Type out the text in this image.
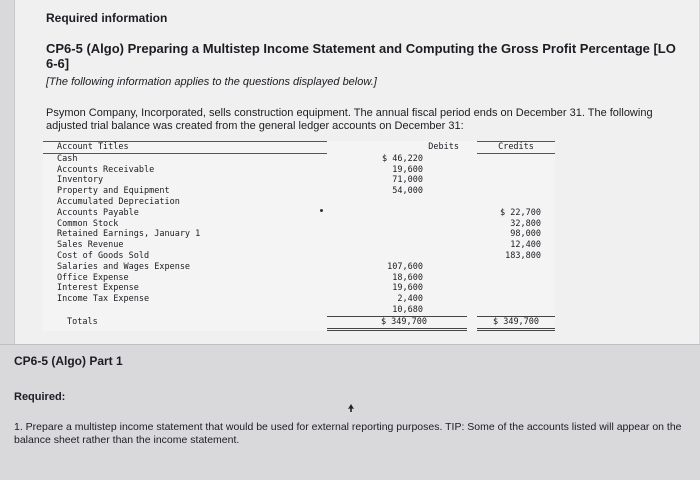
Required information
CP6-5 (Algo) Preparing a Multistep Income Statement and Computing the Gross Profit Percentage [LO 6-6]
[The following information applies to the questions displayed below.]
Psymon Company, Incorporated, sells construction equipment. The annual fiscal period ends on December 31. The following adjusted trial balance was created from the general ledger accounts on December 31:
Account Titles	Debits		Credits
Cash	$ 46,220		
Accounts Receivable	19,600		
Inventory	71,000		
Property and Equipment	54,000		
Accumulated Depreciation			
Accounts Payable			$ 22,700
Common Stock			32,800
Retained Earnings, January 1			98,000
Sales Revenue			12,400
Cost of Goods Sold			183,800
Salaries and Wages Expense	107,600		
Office Expense	18,600		
Interest Expense	19,600		
Income Tax Expense	2,400		
	10,680		
Totals	$ 349,700		$ 349,700
CP6-5 (Algo) Part 1
Required:
1. Prepare a multistep income statement that would be used for external reporting purposes. TIP: Some of the accounts listed will appear on the balance sheet rather than the income statement.
